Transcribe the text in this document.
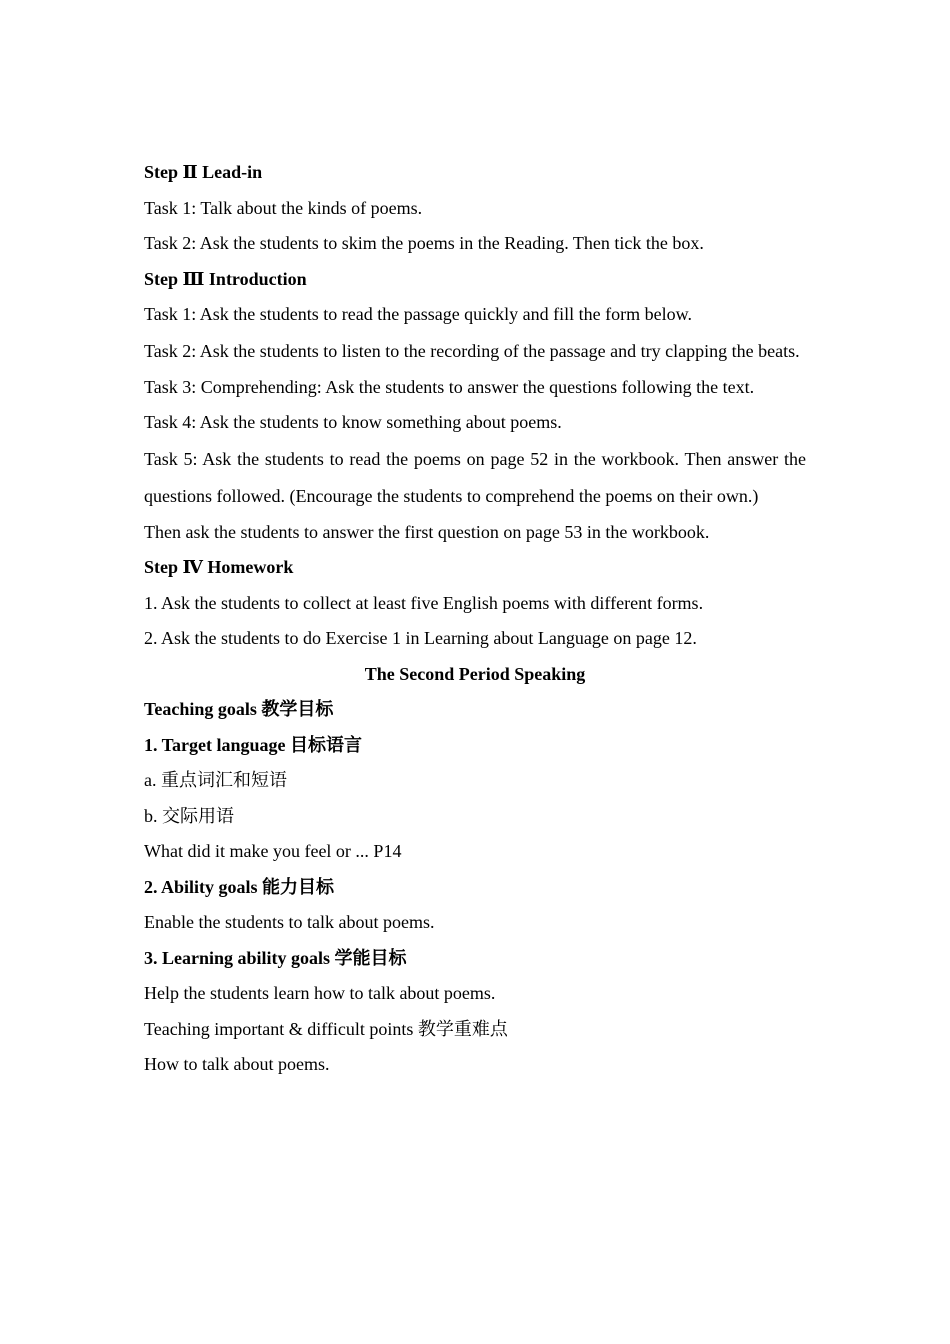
Step Ⅱ Lead-in

Task 1: Talk about the kinds of poems.

Task 2: Ask the students to skim the poems in the Reading. Then tick the box.

Step Ⅲ Introduction

Task 1: Ask the students to read the passage quickly and fill the form below.

Task 2: Ask the students to listen to the recording of the passage and try clapping the beats.

Task 3: Comprehending: Ask the students to answer the questions following the text.

Task 4: Ask the students to know something about poems.

Task 5: Ask the students to read the poems on page 52 in the workbook. Then answer the questions followed. (Encourage the students to comprehend the poems on their own.)

Then ask the students to answer the first question on page 53 in the workbook.

Step Ⅳ Homework

1. Ask the students to collect at least five English poems with different forms.

2. Ask the students to do Exercise 1 in Learning about Language on page 12.

The Second Period Speaking

Teaching goals 教学目标

1. Target language 目标语言

a. 重点词汇和短语

b. 交际用语

What did it make you feel or ... P14

2. Ability goals 能力目标

Enable the students to talk about poems.

3. Learning ability goals 学能目标

Help the students learn how to talk about poems.

Teaching important & difficult points 教学重难点

How to talk about poems.
